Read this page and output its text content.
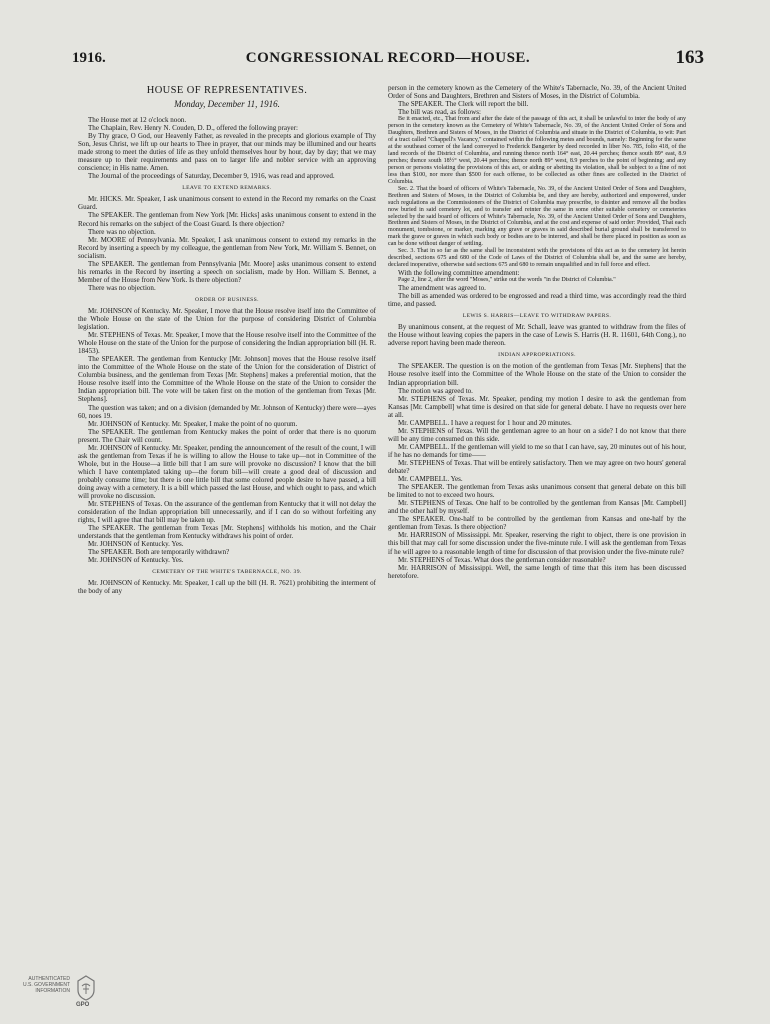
1916.	CONGRESSIONAL RECORD—HOUSE.	163
HOUSE OF REPRESENTATIVES.
Monday, December 11, 1916.

The House met at 12 o'clock noon.

The Chaplain, Rev. Henry N. Couden, D. D., offered the following prayer:

By Thy grace, O God, our Heavenly Father, as revealed in the precepts and glorious example of Thy Son, Jesus Christ, we lift up our hearts to Thee in prayer, that our minds may be illumined and our hearts made strong to meet the duties of life as they unfold themselves hour by hour, day by day; that we may measure up to their requirements and pass on to larger life and nobler service with an approving conscience; in His name. Amen.

The Journal of the proceedings of Saturday, December 9, 1916, was read and approved.

LEAVE TO EXTEND REMARKS.

Mr. HICKS. Mr. Speaker, I ask unanimous consent to extend in the Record my remarks on the Coast Guard.

The SPEAKER. The gentleman from New York [Mr. Hicks] asks unanimous consent to extend in the Record his remarks on the subject of the Coast Guard. Is there objection?

There was no objection.

Mr. MOORE of Pennsylvania. Mr. Speaker, I ask unanimous consent to extend my remarks in the Record by inserting a speech by my colleague, the gentleman from New York, Mr. William S. Bennet, on socialism.

The SPEAKER. The gentleman from Pennsylvania [Mr. Moore] asks unanimous consent to extend his remarks in the Record by inserting a speech on socialism, made by Hon. William S. Bennet, a Member of the House from New York. Is there objection?

There was no objection.

ORDER OF BUSINESS.

Mr. JOHNSON of Kentucky. Mr. Speaker, I move that the House resolve itself into the Committee of the Whole House on the state of the Union for the purpose of considering District of Columbia legislation.

Mr. STEPHENS of Texas. Mr. Speaker, I move that the House resolve itself into the Committee of the Whole House on the state of the Union for the purpose of considering the Indian appropriation bill (H. R. 18453).

The SPEAKER. The gentleman from Kentucky [Mr. Johnson] moves that the House resolve itself into the Committee of the Whole House on the state of the Union for the consideration of District of Columbia business, and the gentleman from Texas [Mr. Stephens] makes a preferential motion, that the House resolve itself into the Committee of the Whole House on the state of the Union to consider the Indian appropriation bill. The vote will be taken first on the motion of the gentleman from Texas [Mr. Stephens].

The question was taken; and on a division (demanded by Mr. Johnson of Kentucky) there were—ayes 60, noes 19.

Mr. JOHNSON of Kentucky. Mr. Speaker, I make the point of no quorum.

The SPEAKER. The gentleman from Kentucky makes the point of order that there is no quorum present. The Chair will count.

Mr. JOHNSON of Kentucky. Mr. Speaker, pending the announcement of the result of the count, I will ask the gentleman from Texas if he is willing to allow the House to take up—not in Committee of the Whole, but in the House—a little bill that I am sure will provoke no discussion? I know that the bill which I have contemplated taking up—the forum bill—will create a good deal of discussion and probably consume time; but there is one little bill that some colored people desire to have passed, a bill doing away with a cemetery. It is a bill which passed the last House, and which ought to pass, and which will provoke no discussion.

Mr. STEPHENS of Texas. On the assurance of the gentleman from Kentucky that it will not delay the consideration of the Indian appropriation bill unnecessarily, and if I can do so without forfeiting any rights, I will agree that that bill may be taken up.

The SPEAKER. The gentleman from Texas [Mr. Stephens] withholds his motion, and the Chair understands that the gentleman from Kentucky withdraws his point of order.

Mr. JOHNSON of Kentucky. Yes.

The SPEAKER. Both are temporarily withdrawn?

Mr. JOHNSON of Kentucky. Yes.

CEMETERY OF THE WHITE'S TABERNACLE, NO. 39.

Mr. JOHNSON of Kentucky. Mr. Speaker, I call up the bill (H. R. 7621) prohibiting the interment of the body of any

person in the cemetery known as the Cemetery of the White's Tabernacle, No. 39, of the Ancient United Order of Sons and Daughters, Brethren and Sisters of Moses, in the District of Columbia.

The SPEAKER. The Clerk will report the bill.

The bill was read, as follows:

Be it enacted, etc., That from and after the date of the passage of this act, it shall be unlawful to inter the body of any person in the cemetery known as the Cemetery of White's Tabernacle, No. 39, of the Ancient United Order of Sons and Daughters, Brethren and Sisters of Moses, in the District of Columbia and situate in the District of Columbia, to wit: Part of a tract called "Chappell's Vacancy," contained within the following metes and bounds, namely: Beginning for the same at the southeast corner of the land conveyed to Frederick Bangerter by deed recorded in liber No. 785, folio 418, of the land records of the District of Columbia, and running thence north 164° east, 20.44 perches; thence south 89° east, 8.9 perches; thence south 18½° west, 20.44 perches; thence north 89° west, 8.9 perches to the point of beginning; and any person or persons violating the provisions of this act, or aiding or abetting its violation, shall be subject to a fine of not less than $100, nor more than $500 for each offense, to be collected as other fines are collected in the District of Columbia.

Sec. 2. That the board of officers of White's Tabernacle, No. 39, of the Ancient United Order of Sons and Daughters, Brethren and Sisters of Moses, in the District of Columbia be, and they are hereby, authorized and empowered, under such regulations as the Commissioners of the District of Columbia may prescribe, to disinter and remove all the bodies now buried in said cemetery lot, and to transfer and reinter the same in some other suitable cemetery or cemeteries selected by the said board of officers of White's Tabernacle, No. 39, of the Ancient United Order of Sons and Daughters, Brethren and Sisters of Moses, in the District of Columbia, and at the cost and expense of said order: Provided, That each monument, tombstone, or marker, marking any grave or graves in said described burial ground shall be transferred to mark the grave or graves in which such body or bodies are to be interred, and shall be there placed in position as soon as can be done without danger of settling.

Sec. 3. That in so far as the same shall be inconsistent with the provisions of this act as to the cemetery lot herein described, sections 675 and 680 of the Code of Laws of the District of Columbia shall be, and the same are hereby, declared inoperative, otherwise said sections 675 and 680 to remain unqualified and in full force and effect.

With the following committee amendment:

Page 2, line 2, after the word "Moses," strike out the words "in the District of Columbia."

The amendment was agreed to.

The bill as amended was ordered to be engrossed and read a third time, was accordingly read the third time, and passed.

LEWIS S. HARRIS—LEAVE TO WITHDRAW PAPERS.

By unanimous consent, at the request of Mr. Schall, leave was granted to withdraw from the files of the House without leaving copies the papers in the case of Lewis S. Harris (H. R. 11601, 64th Cong.), no adverse report having been made thereon.

INDIAN APPROPRIATIONS.

The SPEAKER. The question is on the motion of the gentleman from Texas [Mr. Stephens] that the House resolve itself into the Committee of the Whole House on the state of the Union to consider the Indian appropriation bill.

The motion was agreed to.

Mr. STEPHENS of Texas. Mr. Speaker, pending my motion I desire to ask the gentleman from Kansas [Mr. Campbell] what time is desired on that side for general debate. I have no requests over here at all.

Mr. CAMPBELL. I have a request for 1 hour and 20 minutes.

Mr. STEPHENS of Texas. Will the gentleman agree to an hour on a side? I do not know that there will be any time consumed on this side.

Mr. CAMPBELL. If the gentleman will yield to me so that I can have, say, 20 minutes out of his hour, if he has no demands for time——

Mr. STEPHENS of Texas. That will be entirely satisfactory. Then we may agree on two hours' general debate?

Mr. CAMPBELL. Yes.

The SPEAKER. The gentleman from Texas asks unanimous consent that general debate on this bill be limited to not to exceed two hours.

Mr. STEPHENS of Texas. One half to be controlled by the gentleman from Kansas [Mr. Campbell] and the other half by myself.

The SPEAKER. One-half to be controlled by the gentleman from Kansas and one-half by the gentleman from Texas. Is there objection?

Mr. HARRISON of Mississippi. Mr. Speaker, reserving the right to object, there is one provision in this bill that may call for some discussion under the five-minute rule. I will ask the gentleman from Texas if he will agree to a reasonable length of time for discussion of that provision under the five-minute rule?

Mr. STEPHENS of Texas. What does the gentleman consider reasonable?

Mr. HARRISON of Mississippi. Well, the same length of time that this item has been discussed heretofore.

AUTHENTICATED
U.S. GOVERNMENT
INFORMATION
GPO
